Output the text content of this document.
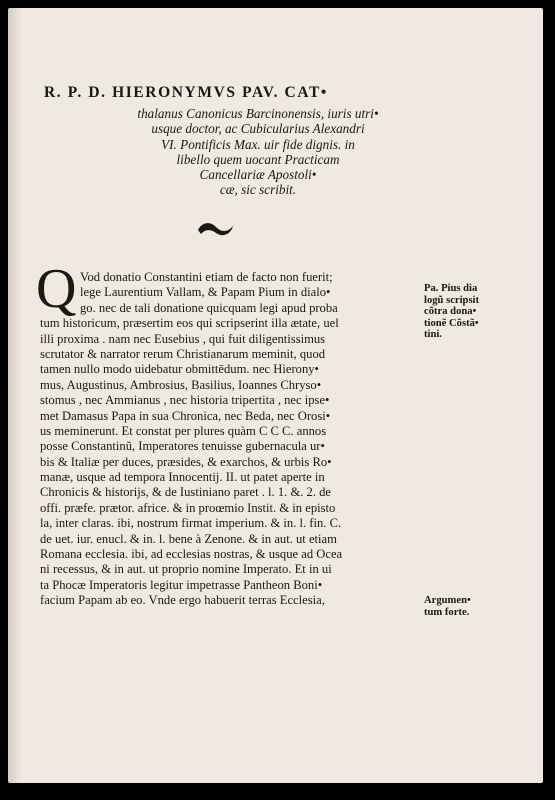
R. P. D. HIERONYMVS PAV. CAT•
thalanus Canonicus Barcinonensis, iuris utri•
usque doctor, ac Cubicularius Alexandri
VI. Pontificis Max. uir fide dignis. in
libello quem uocant Practicam
Cancellariæ Apostoli•
cæ, sic scribit.
Q Vod donatio Constantini etiam de facto non fuerit;
lege Laurentium Vallam, & Papam Pium in dialo•
go. nec de tali donatione quicquam legi apud proba
tum historicum, præsertim eos qui scripserint illa ætate, uel
illi proxima . nam nec Eusebius , qui fuit diligentissimus
scrutator & narrator rerum Christianarum meminit, quod
tamen nullo modo uidebatur obmittēdum. nec Hierony•
mus, Augustinus, Ambrosius, Basilius, Ioannes Chryso•
stomus , nec Ammianus , nec historia tripertita , nec ipse•
met Damasus Papa in sua Chronica, nec Beda, nec Orosi•
us meminerunt. Et constat per plures quàm C C C. annos
posse Constantinũ, Imperatores tenuisse gubernacula ur•
bis & Italiæ per duces, præsides, & exarchos, & urbis Ro•
manæ, usque ad tempora Innocentij. II. ut patet aperte in
Chronicis & historijs, & de Iustiniano paret . l. 1. &. 2. de
offi. præfe. prætor. africe. & in proœmio Instit. & in episto
la, inter claras. ibi, nostrum firmat imperium. & in. l. fin. C.
de uet. iur. enucl. & in. l. bene à Zenone. & in aut. ut etiam
Romana ecclesia. ibi, ad ecclesias nostras, & usque ad Ocea
ni recessus, & in aut. ut proprio nomine Imperato. Et in ui
ta Phocæ Imperatoris legitur impetrasse Pantheon Boni•
facium Papam ab eo. Vnde ergo habuerit terras Ecclesia,
Pa. Pius dia
logũ scripsit
cõtra dona•
tionẽ Cõstã•
tini.
Argumen•
tum forte.
